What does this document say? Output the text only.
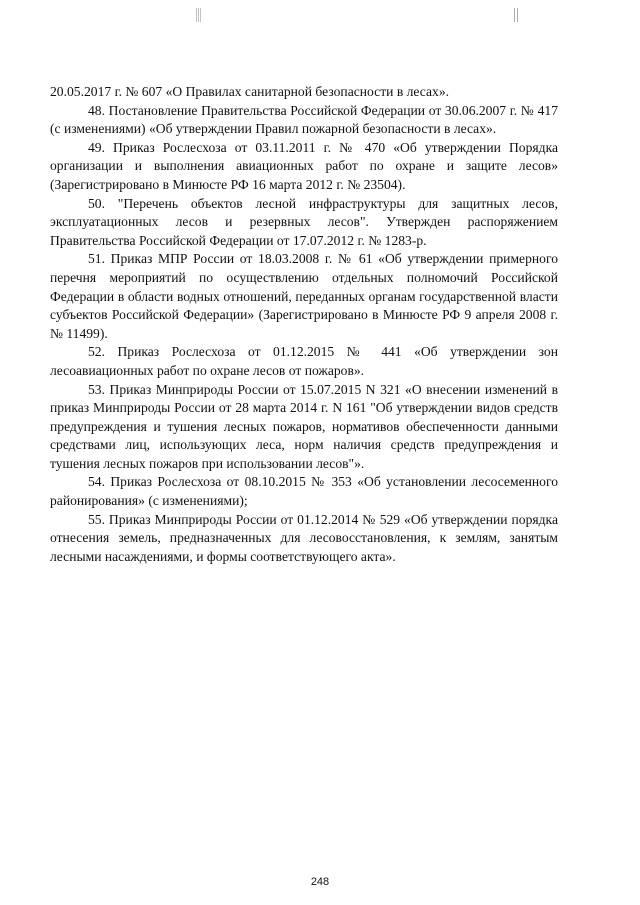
20.05.2017 г. № 607 «О Правилах санитарной безопасности в лесах».

48. Постановление Правительства Российской Федерации от 30.06.2007 г. № 417 (с изменениями) «Об утверждении Правил пожарной безопасности в лесах».

49. Приказ Рослесхоза от 03.11.2011 г. № 470 «Об утверждении Порядка организации и выполнения авиационных работ по охране и защите лесов» (Зарегистрировано в Минюсте РФ 16 марта 2012 г. № 23504).

50. "Перечень объектов лесной инфраструктуры для защитных лесов, эксплуатационных лесов и резервных лесов". Утвержден распоряжением Правительства Российской Федерации от 17.07.2012 г. № 1283-р.

51. Приказ МПР России от 18.03.2008 г. № 61 «Об утверждении примерного перечня мероприятий по осуществлению отдельных полномочий Российской Федерации в области водных отношений, переданных органам государственной власти субъектов Российской Федерации» (Зарегистрировано в Минюсте РФ 9 апреля 2008 г. № 11499).

52. Приказ Рослесхоза от 01.12.2015 № 441 «Об утверждении зон лесоавиационных работ по охране лесов от пожаров».

53. Приказ Минприроды России от 15.07.2015 N 321 «О внесении изменений в приказ Минприроды России от 28 марта 2014 г. N 161 "Об утверждении видов средств предупреждения и тушения лесных пожаров, нормативов обеспеченности данными средствами лиц, использующих леса, норм наличия средств предупреждения и тушения лесных пожаров при использовании лесов"».

54. Приказ Рослесхоза от 08.10.2015 № 353 «Об установлении лесосеменного районирования» (с изменениями);

55. Приказ Минприроды России от 01.12.2014 № 529 «Об утверждении порядка отнесения земель, предназначенных для лесовосстановления, к землям, занятым лесными насаждениями, и формы соответствующего акта».

248
